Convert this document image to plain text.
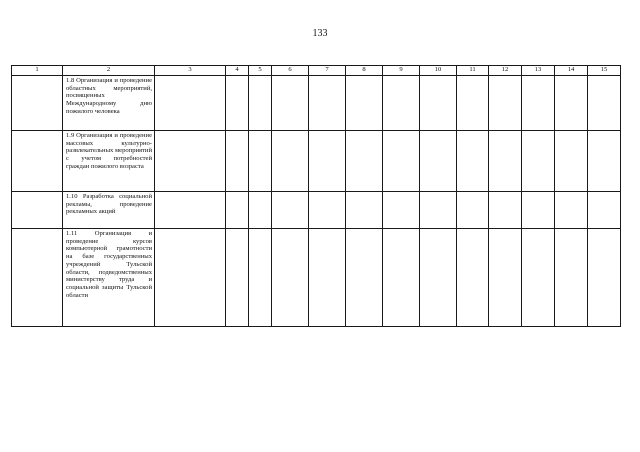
133
1	2	3	4	5	6	7	8	9	10	11	12	13	14	15
	1.8 Организация и проведение областных мероприятий, посвященных Международному дню пожилого человека													
	1.9 Организация и проведение массовых культурно-развлекательных мероприятий с учетом потребностей граждан пожилого возраста													
	1.10 Разработка социальной рекламы, проведение рекламных акций													
	1.11 Организация и проведение курсов компьютерной грамотности на базе государственных учреждений Тульской области, подведомственных министерству труда и социальной защиты Тульской области													
